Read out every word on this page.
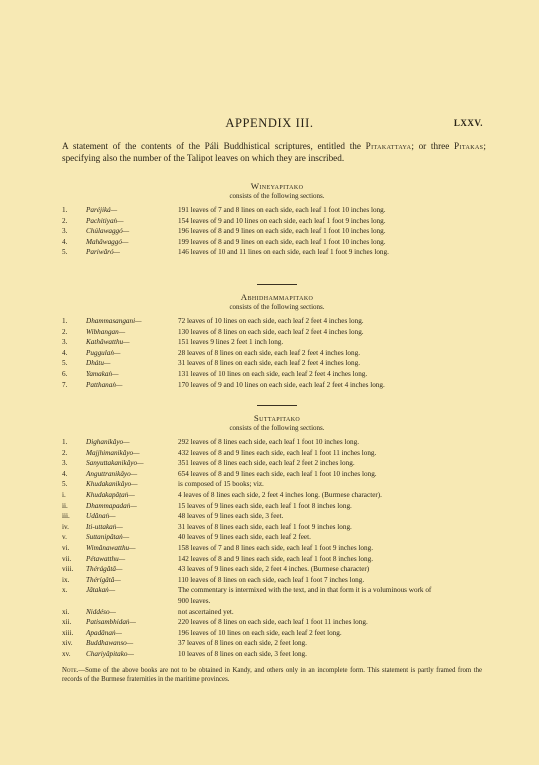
APPENDIX III.	LXXV.
A statement of the contents of the Páli Buddhistical scriptures, entitled the Pitakattaya; or three Pitakas; specifying also the number of the Talipot leaves on which they are inscribed.
Wineyapitako
consists of the following sections.
1.	Paréjiká—	191 leaves of 7 and 8 lines on each side, each leaf 1 foot 10 inches long.
2.	Pachitiyaṅ—	154 leaves of 9 and 10 lines on each side, each leaf 1 foot 9 inches long.
3.	Chúlawaggó—	196 leaves of 8 and 9 lines on each side, each leaf 1 foot 10 inches long.
4.	Mahâwaggó—	199 leaves of 8 and 9 lines on each side, each leaf 1 foot 10 inches long.
5.	Pariwâró—	146 leaves of 10 and 11 lines on each side, each leaf 1 foot 9 inches long.
Abhidhammapitako
consists of the following sections.
1.	Dhammasangani—	72 leaves of 10 lines on each side, each leaf 2 feet 4 inches long.
2.	Wibhangan—	130 leaves of 8 lines on each side, each leaf 2 feet 4 inches long.
3.	Kathâwatthu—	151 leaves 9 lines 2 feet 1 inch long.
4.	Puggulaṅ—	28 leaves of 8 lines on each side, each leaf 2 feet 4 inches long.
5.	Dhátu—	31 leaves of 8 lines on each side, each leaf 2 feet 4 inches long.
6.	Yamakaṅ—	131 leaves of 10 lines on each side, each leaf 2 feet 4 inches long.
7.	Patthanaṅ—	170 leaves of 9 and 10 lines on each side, each leaf 2 feet 4 inches long.
Suttapitako
consists of the following sections.
1.	Dighanikâyo—	292 leaves of 8 lines each side, each leaf 1 foot 10 inches long.
2.	Majjhimanikâyo—	432 leaves of 8 and 9 lines each side, each leaf 1 foot 11 inches long.
3.	Sanyuttakanikâyo—	351 leaves of 8 lines each side, each leaf 2 feet 2 inches long.
4.	Anguttranikâyo—	654 leaves of 8 and 9 lines each side, each leaf 1 foot 10 inches long.
5.	Khudakanikâyo—	is composed of 15 books; viz.
i.	Khudakapâṭaṅ—	4 leaves of 8 lines each side, 2 feet 4 inches long. (Burmese character).
ii.	Dhammapadaṅ—	15 leaves of 9 lines each side, each leaf 1 foot 8 inches long.
iii.	Udânaṅ—	48 leaves of 9 lines each side, 3 feet.
iv.	Iti-uttakaṅ—	31 leaves of 8 lines each side, each leaf 1 foot 9 inches long.
v.	Suttanipâtaṅ—	40 leaves of 9 lines each side, each leaf 2 feet.
vi.	Wimânawatthu—	158 leaves of 7 and 8 lines each side, each leaf 1 foot 9 inches long.
vii.	Pétawatthu—	142 leaves of 8 and 9 lines each side, each leaf 1 foot 8 inches long.
viii.	Thérágâtâ—	43 leaves of 9 lines each side, 2 feet 4 inches. (Burmese character)
ix.	Thérígâtâ—	110 leaves of 8 lines on each side, each leaf 1 foot 7 inches long.
x.	Jâtakaṅ—	The commentary is intermixed with the text, and in that form it is a voluminous work of
900 leaves.
xi.	Niddéso—	not ascertained yet.
xii.	Patisambhidaṅ—	220 leaves of 8 lines on each side, each leaf 1 foot 11 inches long.
xiii.	Apadânaṅ—	196 leaves of 10 lines on each side, each leaf 2 feet long.
xiv.	Buddhawanso—	37 leaves of 8 lines on each side, 2 feet long.
xv.	Chariyâpitako—	10 leaves of 8 lines on each side, 3 feet long.
Note.—Some of the above books are not to be obtained in Kandy, and others only in an incomplete form. This statement is partly framed from the records of the Burmese fraternities in the maritime provinces.
